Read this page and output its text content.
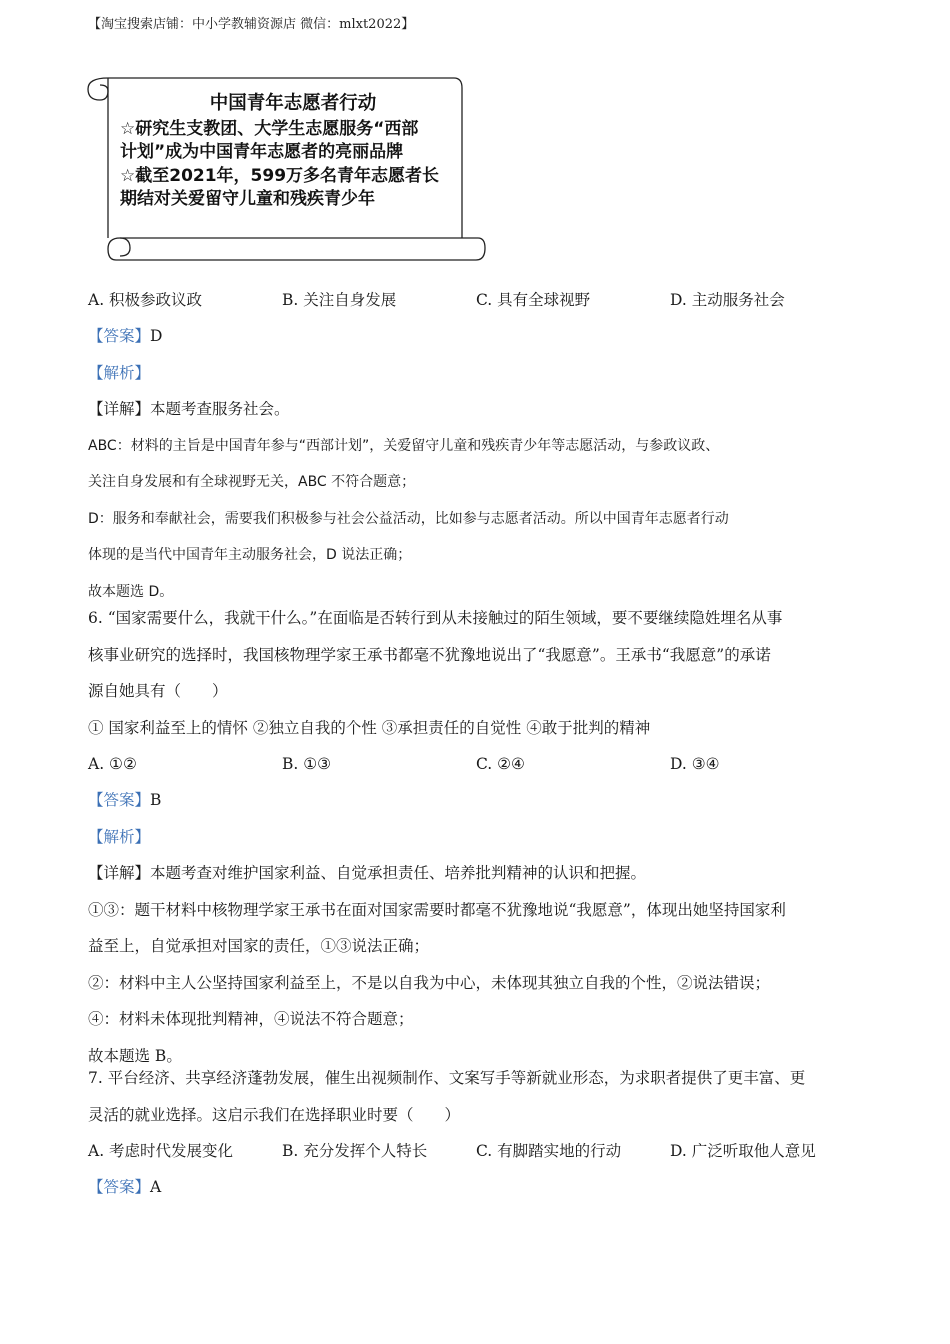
【淘宝搜索店铺：中小学教辅资源店 微信：mlxt2022】
中国青年志愿者行动
☆研究生支教团、大学生志愿服务“西部
计划”成为中国青年志愿者的亮丽品牌
☆截至2021年，599万多名青年志愿者长
期结对关爱留守儿童和残疾青少年
A. 积极参政议政	B. 关注自身发展	C. 具有全球视野	D. 主动服务社会
【答案】D
【解析】
【详解】本题考查服务社会。
ABC：材料的主旨是中国青年参与“西部计划”，关爱留守儿童和残疾青少年等志愿活动，与参政议政、
关注自身发展和有全球视野无关，ABC 不符合题意；
D：服务和奉献社会，需要我们积极参与社会公益活动，比如参与志愿者活动。所以中国青年志愿者行动
体现的是当代中国青年主动服务社会，D 说法正确；
故本题选 D。
6. “国家需要什么，我就干什么。”在面临是否转行到从未接触过的陌生领域，要不要继续隐姓埋名从事
核事业研究的选择时，我国核物理学家王承书都毫不犹豫地说出了“我愿意”。王承书“我愿意”的承诺
源自她具有（　　）
① 国家利益至上的情怀 ②独立自我的个性 ③承担责任的自觉性 ④敢于批判的精神
A. ①②	B. ①③	C. ②④	D. ③④
【答案】B
【解析】
【详解】本题考查对维护国家利益、自觉承担责任、培养批判精神的认识和把握。
①③：题干材料中核物理学家王承书在面对国家需要时都毫不犹豫地说“我愿意”，体现出她坚持国家利
益至上，自觉承担对国家的责任，①③说法正确；
②：材料中主人公坚持国家利益至上，不是以自我为中心，未体现其独立自我的个性，②说法错误；
④：材料未体现批判精神，④说法不符合题意；
故本题选 B。
7. 平台经济、共享经济蓬勃发展，催生出视频制作、文案写手等新就业形态，为求职者提供了更丰富、更
灵活的就业选择。这启示我们在选择职业时要（　　）
A. 考虑时代发展变化	B. 充分发挥个人特长	C. 有脚踏实地的行动	D. 广泛听取他人意见
【答案】A
